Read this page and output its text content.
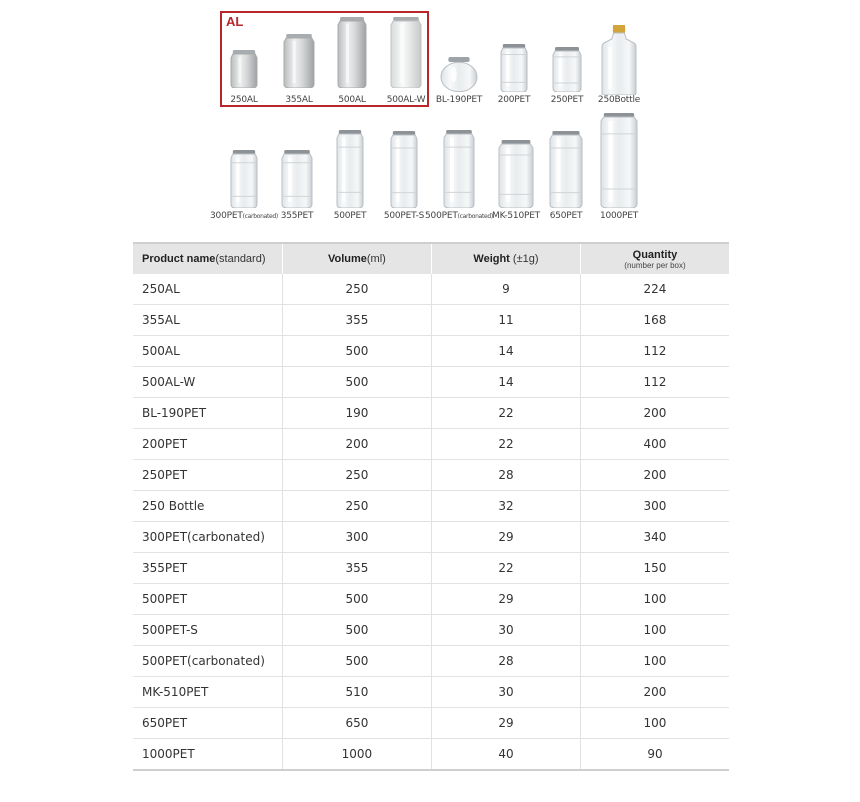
AL
250AL	355AL	500AL 500AL-W BL-190PET 200PET 250PET 250Bottle
300PET(carbonated) 355PET 500PET 500PET-S 500PET(carbonated) MK-510PET 650PET 1000PET
Product name(standard)	Volume(ml)	Weight (±1g)	Quantity
(number per box)

250AL	250	9	224
355AL	355	11	168
500AL	500	14	112
500AL-W	500	14	112
BL-190PET	190	22	200
200PET	200	22	400
250PET	250	28	200
250 Bottle	250	32	300
300PET(carbonated)	300	29	340
355PET	355	22	150
500PET	500	29	100
500PET-S	500	30	100
500PET(carbonated)	500	28	100
MK-510PET	510	30	200
650PET	650	29	100
1000PET	1000	40	90
